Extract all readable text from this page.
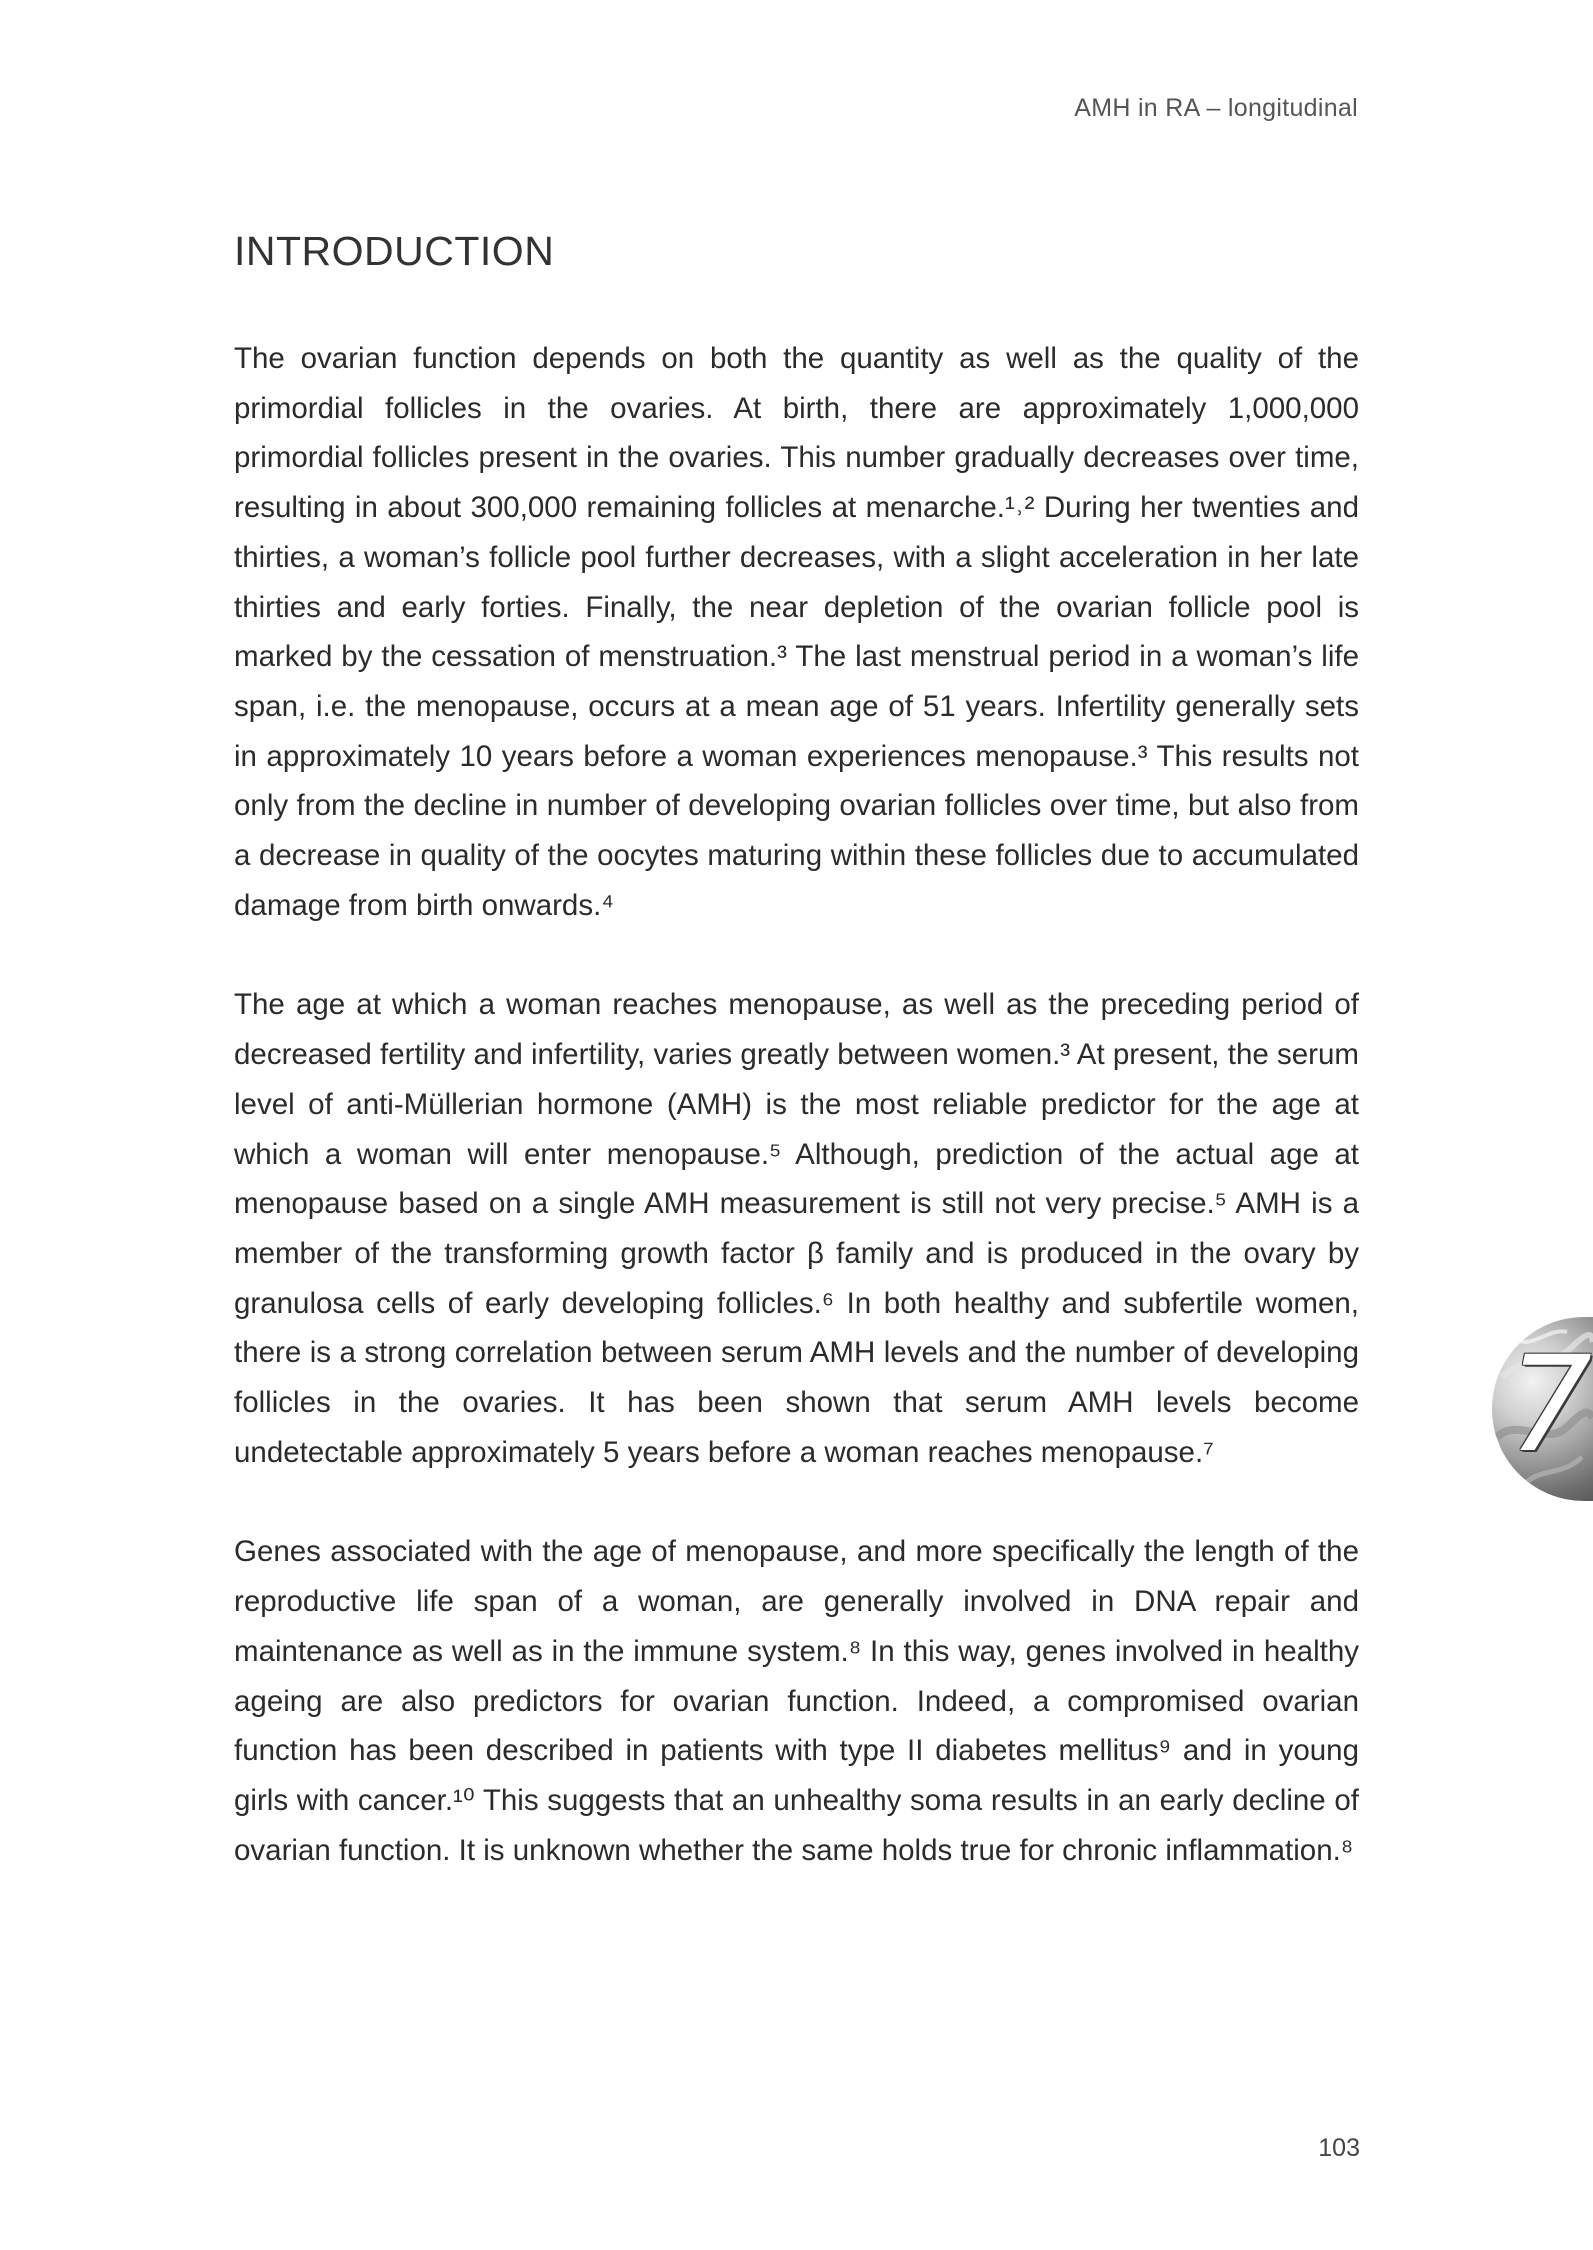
AMH in RA – longitudinal
INTRODUCTION

The ovarian function depends on both the quantity as well as the quality of the primordial follicles in the ovaries. At birth, there are approximately 1,000,000 primordial follicles present in the ovaries. This number gradually decreases over time, resulting in about 300,000 remaining follicles at menarche.¹˒² During her twenties and thirties, a woman’s follicle pool further decreases, with a slight acceleration in her late thirties and early forties. Finally, the near depletion of the ovarian follicle pool is marked by the cessation of menstruation.³ The last menstrual period in a woman’s life span, i.e. the menopause, occurs at a mean age of 51 years. Infertility generally sets in approximately 10 years before a woman experiences menopause.³ This results not only from the decline in number of developing ovarian follicles over time, but also from a decrease in quality of the oocytes maturing within these follicles due to accumulated damage from birth onwards.⁴

The age at which a woman reaches menopause, as well as the preceding period of decreased fertility and infertility, varies greatly between women.³ At present, the serum level of anti-Müllerian hormone (AMH) is the most reliable predictor for the age at which a woman will enter menopause.⁵ Although, prediction of the actual age at menopause based on a single AMH measurement is still not very precise.⁵ AMH is a member of the transforming growth factor β family and is produced in the ovary by granulosa cells of early developing follicles.⁶ In both healthy and subfertile women, there is a strong correlation between serum AMH levels and the number of developing follicles in the ovaries. It has been shown that serum AMH levels become undetectable approximately 5 years before a woman reaches menopause.⁷

Genes associated with the age of menopause, and more specifically the length of the reproductive life span of a woman, are generally involved in DNA repair and maintenance as well as in the immune system.⁸ In this way, genes involved in healthy ageing are also predictors for ovarian function. Indeed, a compromised ovarian function has been described in patients with type II diabetes mellitus⁹ and in young girls with cancer.¹⁰ This suggests that an unhealthy soma results in an early decline of ovarian function. It is unknown whether the same holds true for chronic inflammation.⁸

7
103
